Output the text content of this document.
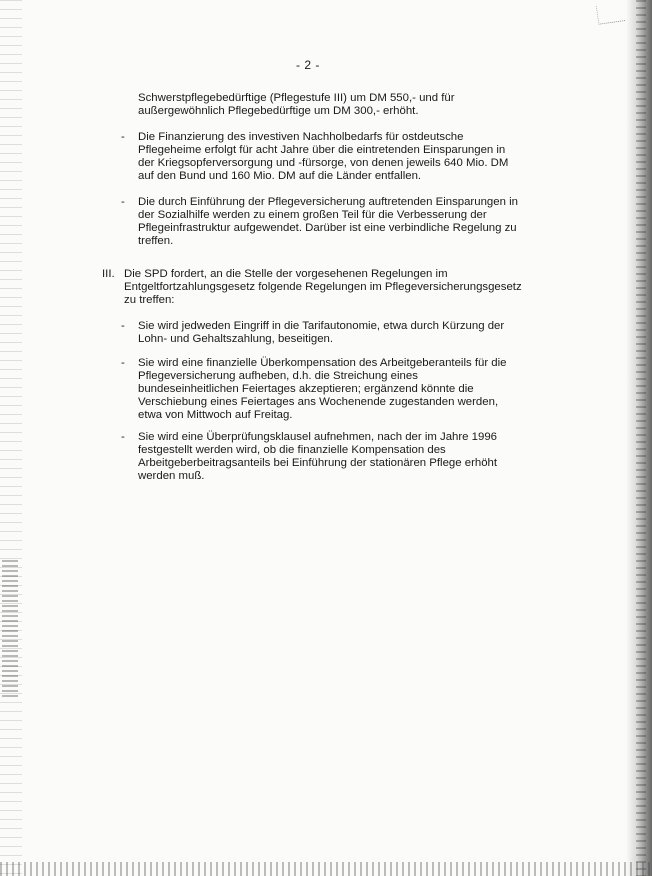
- 2 -
Schwerstpflegebedürftige (Pflegestufe III) um DM 550,- und für außergewöhnlich Pflegebedürftige um DM 300,- erhöht.
-	Die Finanzierung des investiven Nachholbedarfs für ostdeutsche Pflegeheime erfolgt für acht Jahre über die eintretenden Einsparungen in der Kriegsopferversorgung und -fürsorge, von denen jeweils 640 Mio. DM auf den Bund und 160 Mio. DM auf die Länder entfallen.
-	Die durch Einführung der Pflegeversicherung auftretenden Einsparungen in der Sozialhilfe werden zu einem großen Teil für die Verbesserung der Pflegeinfrastruktur aufgewendet. Darüber ist eine verbindliche Regelung zu treffen.
III. Die SPD fordert, an die Stelle der vorgesehenen Regelungen im Entgeltfortzahlungsgesetz folgende Regelungen im Pflegeversicherungsgesetz zu treffen:
-	Sie wird jedweden Eingriff in die Tarifautonomie, etwa durch Kürzung der Lohn- und Gehaltszahlung, beseitigen.
-	Sie wird eine finanzielle Überkompensation des Arbeitgeberanteils für die Pflegeversicherung aufheben, d.h. die Streichung eines bundeseinheitlichen Feiertages akzeptieren; ergänzend könnte die Verschiebung eines Feiertages ans Wochenende zugestanden werden, etwa von Mittwoch auf Freitag.
-	Sie wird eine Überprüfungsklausel aufnehmen, nach der im Jahre 1996 festgestellt werden wird, ob die finanzielle Kompensation des Arbeitgeberbeitragsanteils bei Einführung der stationären Pflege erhöht werden muß.
